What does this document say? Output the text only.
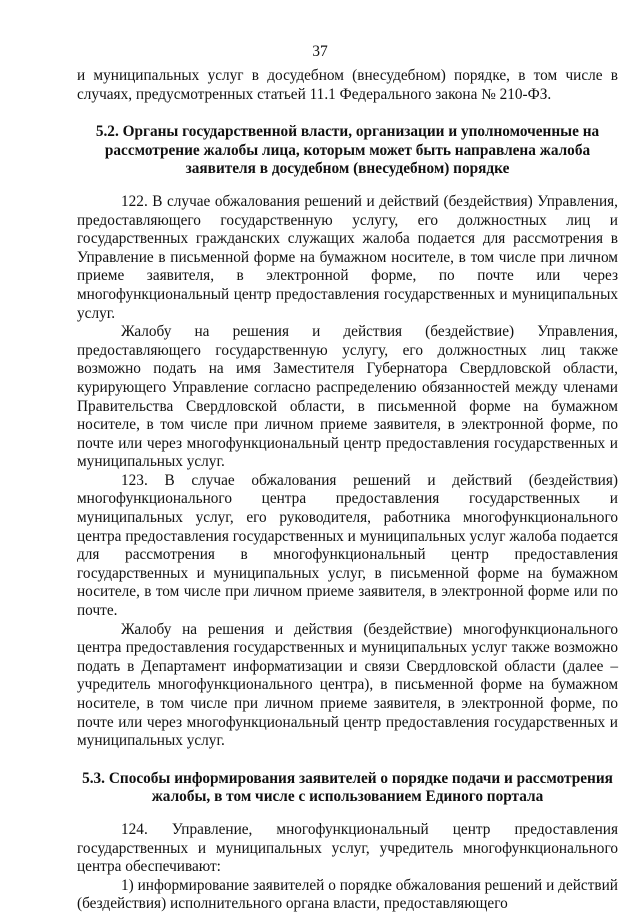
37

и муниципальных услуг в досудебном (внесудебном) порядке, в том числе в случаях, предусмотренных статьей 11.1 Федерального закона № 210-ФЗ.

5.2. Органы государственной власти, организации и уполномоченные на рассмотрение жалобы лица, которым может быть направлена жалоба заявителя в досудебном (внесудебном) порядке

122. В случае обжалования решений и действий (бездействия) Управления, предоставляющего государственную услугу, его должностных лиц и государственных гражданских служащих жалоба подается для рассмотрения в Управление в письменной форме на бумажном носителе, в том числе при личном приеме заявителя, в электронной форме, по почте или через многофункциональный центр предоставления государственных и муниципальных услуг.

Жалобу на решения и действия (бездействие) Управления, предоставляющего государственную услугу, его должностных лиц также возможно подать на имя Заместителя Губернатора Свердловской области, курирующего Управление согласно распределению обязанностей между членами Правительства Свердловской области, в письменной форме на бумажном носителе, в том числе при личном приеме заявителя, в электронной форме, по почте или через многофункциональный центр предоставления государственных и муниципальных услуг.

123. В случае обжалования решений и действий (бездействия) многофункционального центра предоставления государственных и муниципальных услуг, его руководителя, работника многофункционального центра предоставления государственных и муниципальных услуг жалоба подается для рассмотрения в многофункциональный центр предоставления государственных и муниципальных услуг, в письменной форме на бумажном носителе, в том числе при личном приеме заявителя, в электронной форме или по почте.

Жалобу на решения и действия (бездействие) многофункционального центра предоставления государственных и муниципальных услуг также возможно подать в Департамент информатизации и связи Свердловской области (далее – учредитель многофункционального центра), в письменной форме на бумажном носителе, в том числе при личном приеме заявителя, в электронной форме, по почте или через многофункциональный центр предоставления государственных и муниципальных услуг.

5.3. Способы информирования заявителей о порядке подачи и рассмотрения жалобы, в том числе с использованием Единого портала

124. Управление, многофункциональный центр предоставления государственных и муниципальных услуг, учредитель многофункционального центра обеспечивают:

1) информирование заявителей о порядке обжалования решений и действий (бездействия) исполнительного органа власти, предоставляющего
